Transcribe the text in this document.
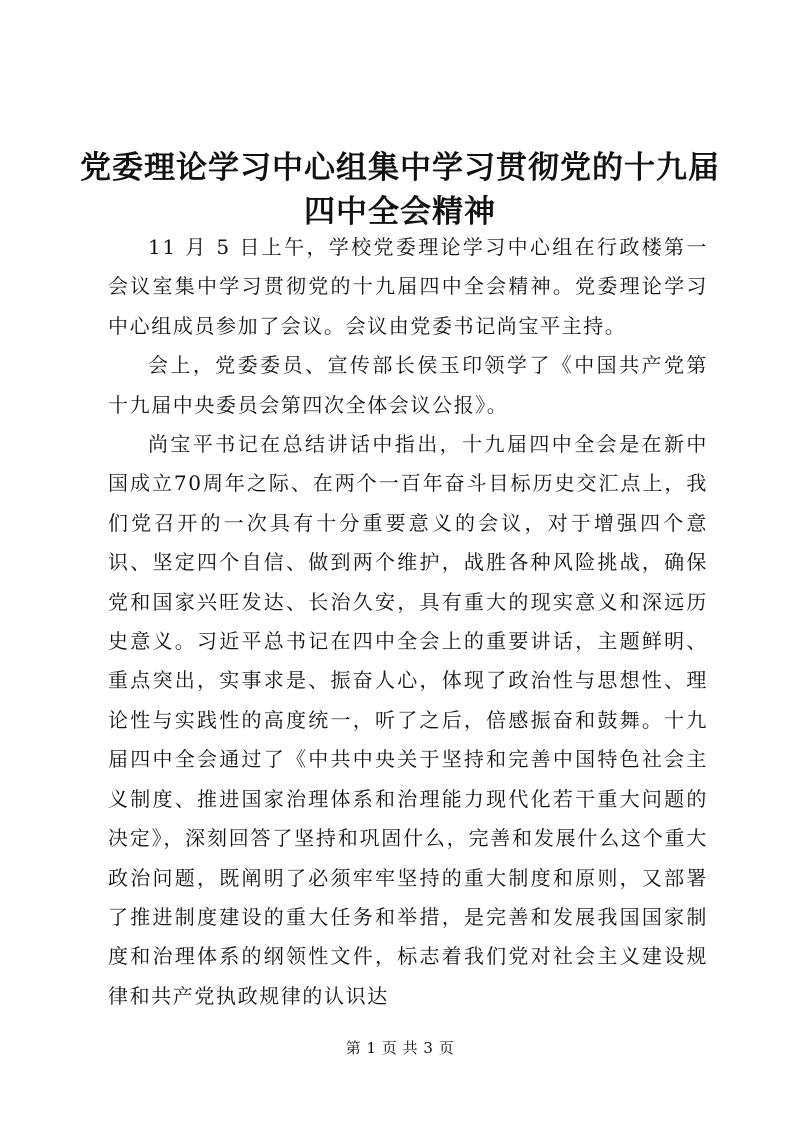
党委理论学习中心组集中学习贯彻党的十九届
四中全会精神

11 月 5 日上午，学校党委理论学习中心组在行政楼第一会议室集中学习贯彻党的十九届四中全会精神。党委理论学习中心组成员参加了会议。会议由党委书记尚宝平主持。

会上，党委委员、宣传部长侯玉印领学了《中国共产党第十九届中央委员会第四次全体会议公报》。

尚宝平书记在总结讲话中指出，十九届四中全会是在新中国成立70周年之际、在两个一百年奋斗目标历史交汇点上，我们党召开的一次具有十分重要意义的会议，对于增强四个意识、坚定四个自信、做到两个维护，战胜各种风险挑战，确保党和国家兴旺发达、长治久安，具有重大的现实意义和深远历史意义。习近平总书记在四中全会上的重要讲话，主题鲜明、重点突出，实事求是、振奋人心，体现了政治性与思想性、理论性与实践性的高度统一，听了之后，倍感振奋和鼓舞。十九届四中全会通过了《中共中央关于坚持和完善中国特色社会主义制度、推进国家治理体系和治理能力现代化若干重大问题的决定》，深刻回答了坚持和巩固什么，完善和发展什么这个重大政治问题，既阐明了必须牢牢坚持的重大制度和原则，又部署了推进制度建设的重大任务和举措，是完善和发展我国国家制度和治理体系的纲领性文件，标志着我们党对社会主义建设规律和共产党执政规律的认识达

第 1 页 共 3 页
